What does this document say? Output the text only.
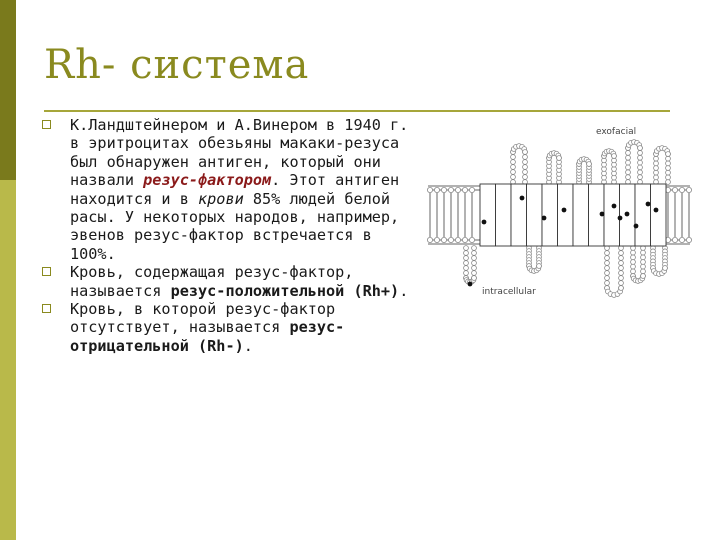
Rh- система
К.Ландштейнером и А.Винером в 1940 г. в эритроцитах обезьяны макаки-резуса был обнаружен антиген, который они назвали резус-фактором. Этот антиген находится и в крови 85% людей белой расы. У некоторых народов, например, эвенов резус-фактор встречается в 100%.
Кровь, содержащая резус-фактор, называется резус-положительной (Rh+).
Кровь, в которой резус-фактор отсутствует, называется резус-отрицательной (Rh-).
exofacial
intracellular
